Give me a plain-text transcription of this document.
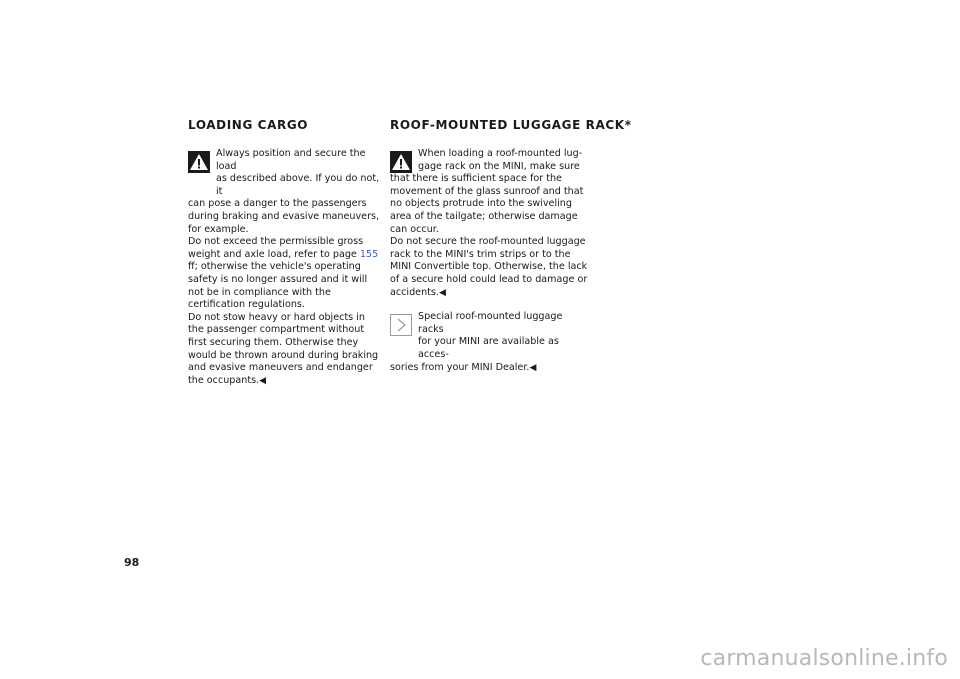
LOADING CARGO

Always position and secure the load

as described above. If you do not, it

can pose a danger to the passengers during braking and evasive maneuvers, for example.

Do not exceed the permissible gross weight and axle load, refer to page 155 ff; otherwise the vehicle's operating safety is no longer assured and it will not be in compliance with the certification regulations.

Do not stow heavy or hard objects in the passenger compartment without first securing them. Otherwise they would be thrown around during braking and evasive maneuvers and endanger the occupants.◀

ROOF-MOUNTED LUGGAGE RACK*

When loading a roof-mounted lug-

gage rack on the MINI, make sure

that there is sufficient space for the movement of the glass sunroof and that no objects protrude into the swiveling area of the tailgate; otherwise damage can occur.

Do not secure the roof-mounted luggage rack to the MINI's trim strips or to the MINI Convertible top. Otherwise, the lack of a secure hold could lead to damage or accidents.◀

Special roof-mounted luggage racks

for your MINI are available as acces-

sories from your MINI Dealer.◀

98
carmanualsonline.info
